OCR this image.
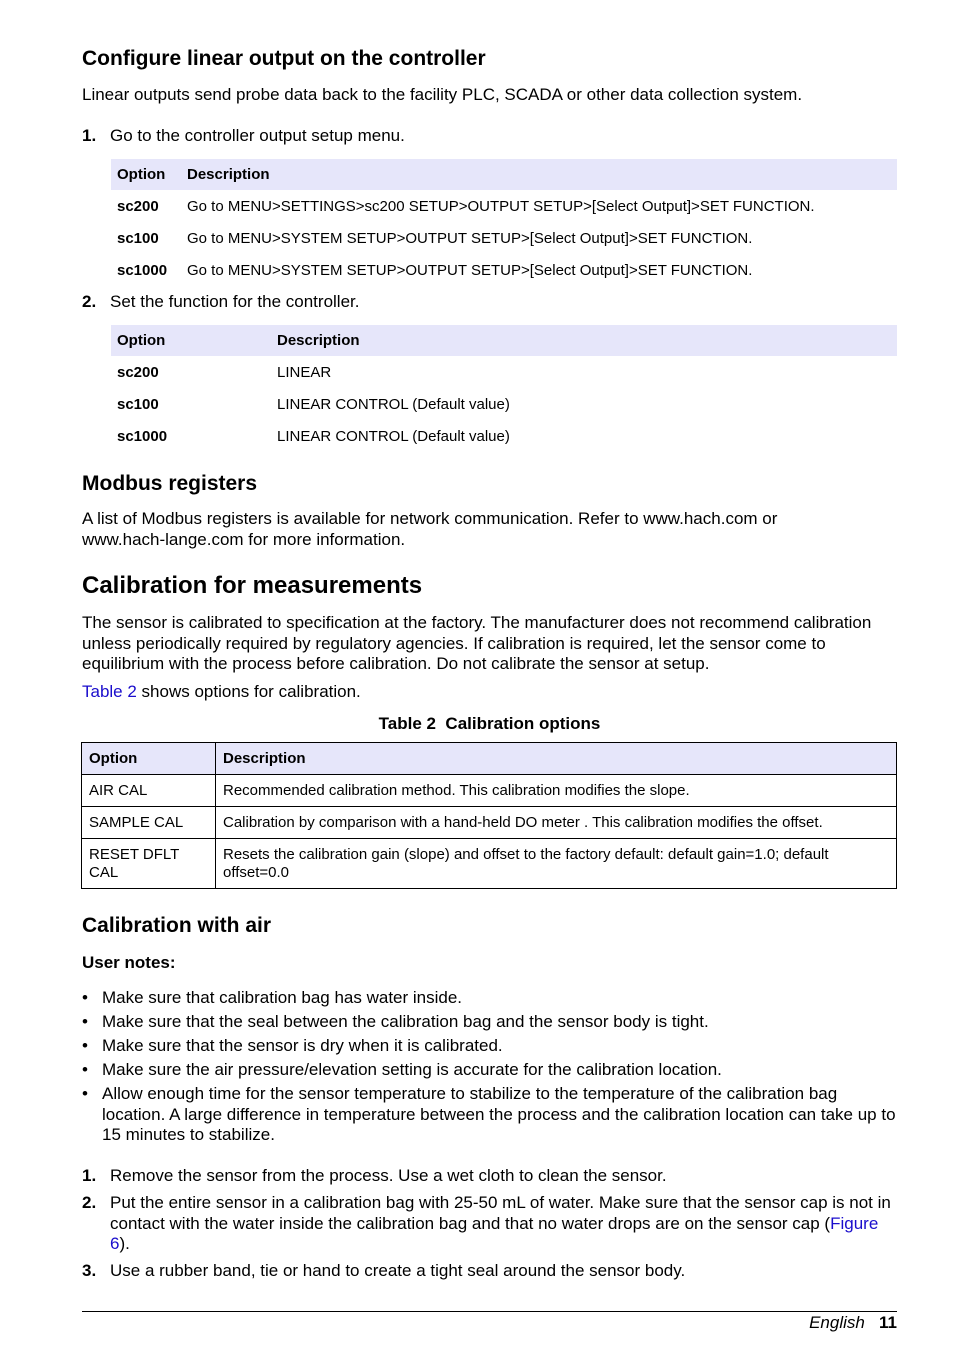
Configure linear output on the controller

Linear outputs send probe data back to the facility PLC, SCADA or other data collection system.

1. Go to the controller output setup menu.
Option	Description
sc200	Go to MENU>SETTINGS>sc200 SETUP>OUTPUT SETUP>[Select Output]>SET FUNCTION.
sc100	Go to MENU>SYSTEM SETUP>OUTPUT SETUP>[Select Output]>SET FUNCTION.
sc1000	Go to MENU>SYSTEM SETUP>OUTPUT SETUP>[Select Output]>SET FUNCTION.
2. Set the function for the controller.
Option	Description
sc200	LINEAR
sc100	LINEAR CONTROL (Default value)
sc1000	LINEAR CONTROL (Default value)
Modbus registers

A list of Modbus registers is available for network communication. Refer to www.hach.com or www.hach-lange.com for more information.

Calibration for measurements

The sensor is calibrated to specification at the factory. The manufacturer does not recommend calibration unless periodically required by regulatory agencies. If calibration is required, let the sensor come to equilibrium with the process before calibration. Do not calibrate the sensor at setup.

Table 2 shows options for calibration.

Table 2  Calibration options
Option	Description
AIR CAL	Recommended calibration method. This calibration modifies the slope.
SAMPLE CAL	Calibration by comparison with a hand-held DO meter . This calibration modifies the offset.
RESET DFLT CAL	Resets the calibration gain (slope) and offset to the factory default: default gain=1.0; default offset=0.0
Calibration with air
User notes:
• Make sure that calibration bag has water inside.
• Make sure that the seal between the calibration bag and the sensor body is tight.
• Make sure that the sensor is dry when it is calibrated.
• Make sure the air pressure/elevation setting is accurate for the calibration location.
• Allow enough time for the sensor temperature to stabilize to the temperature of the calibration bag location. A large difference in temperature between the process and the calibration location can take up to 15 minutes to stabilize.
1. Remove the sensor from the process. Use a wet cloth to clean the sensor.
2. Put the entire sensor in a calibration bag with 25-50 mL of water. Make sure that the sensor cap is not in contact with the water inside the calibration bag and that no water drops are on the sensor cap (Figure 6).
3. Use a rubber band, tie or hand to create a tight seal around the sensor body.
English 11
